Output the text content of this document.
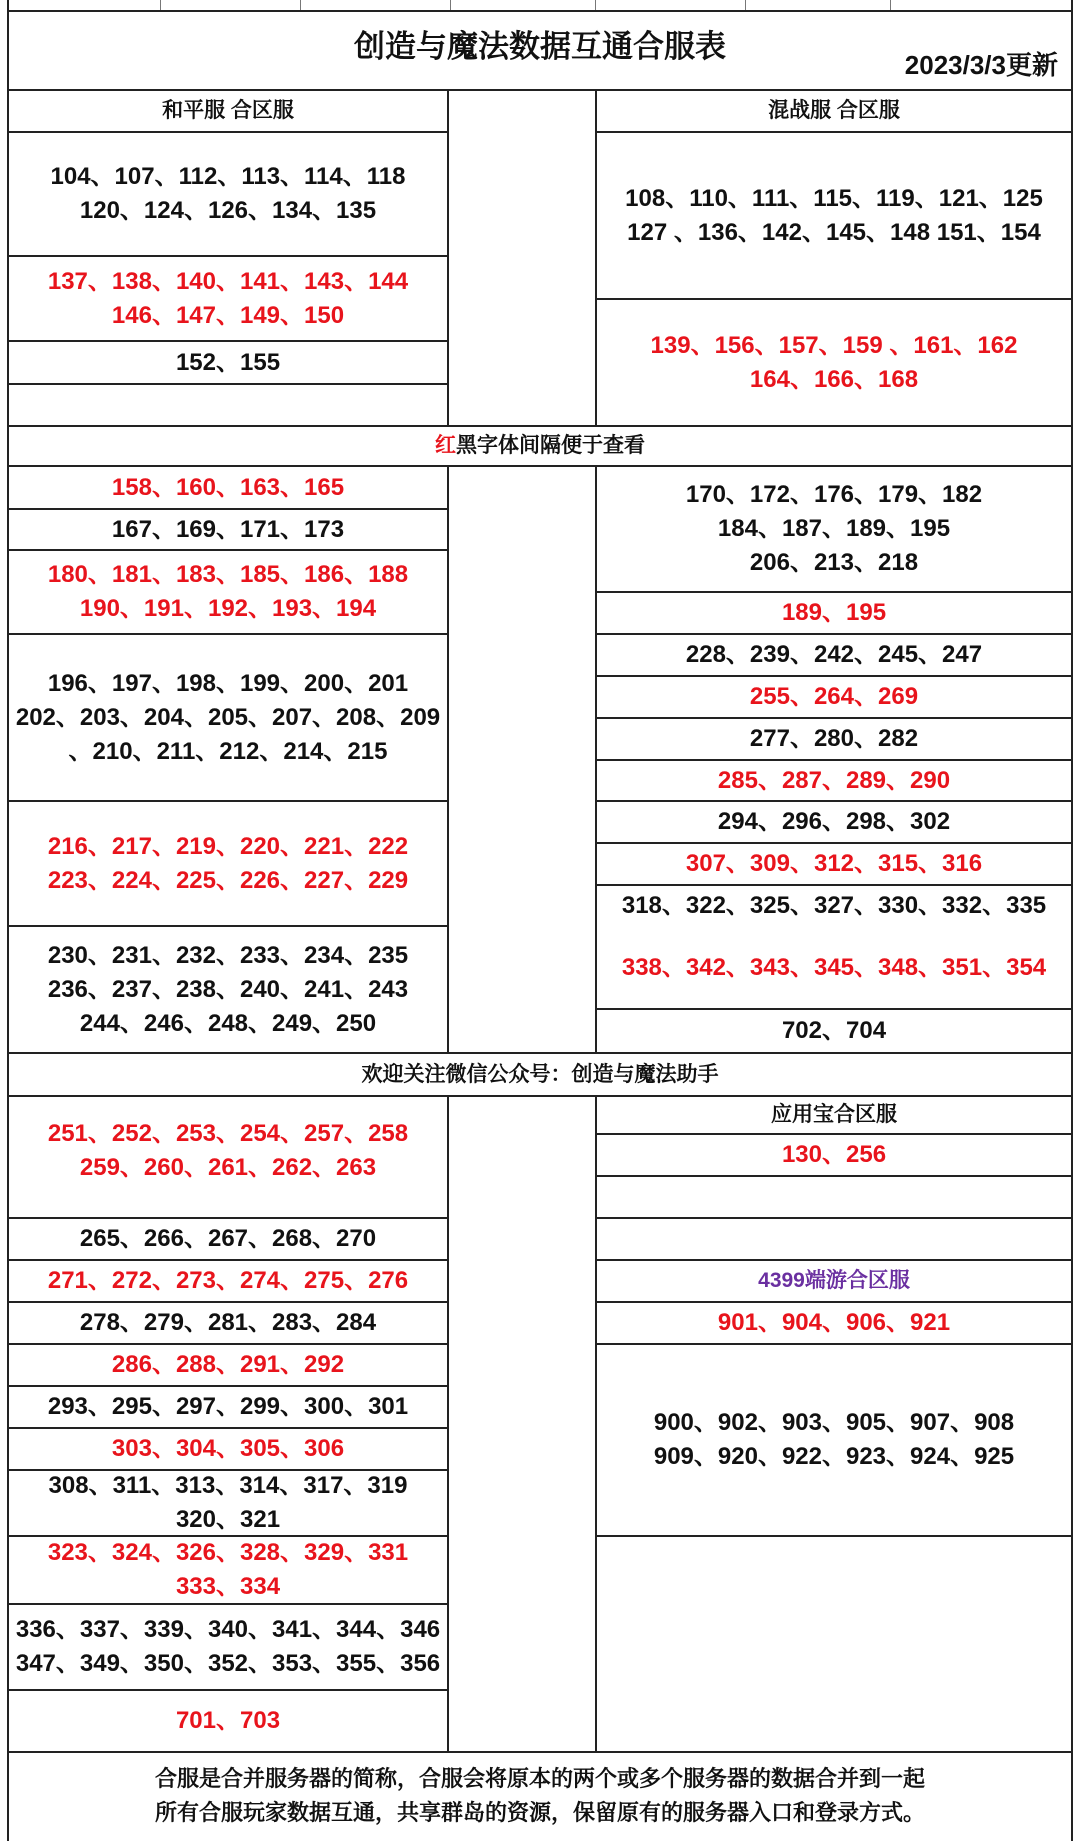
创造与魔法数据互通合服表
2023/3/3更新
和平服 合区服	混战服 合区服
104、107、112、113、114、118
120、124、126、134、135
137、138、140、141、143、144
146、147、149、150
152、155
108、110、111、115、119、121、125
127 、136、142、145、148 151、154
139、156、157、159 、161、162
164、166、168
红 黑字体间隔便于查看
158、160、163、165
167、169、171、173
180、181、183、185、186、188
190、191、192、193、194
196、197、198、199、200、201
202、203、204、205、207、208、209
、210、211、212、214、215
216、217、219、220、221、222
223、224、225、226、227、229
230、231、232、233、234、235
236、237、238、240、241、243
244、246、248、249、250
170、172、176、179、182
184、187、189、195
206、213、218
189、195
228、239、242、245、247
255、264、269
277、280、282
285、287、289、290
294、296、298、302
307、309、312、315、316
318、322、325、327、330、332、335
338、342、343、345、348、351、354
702、704
欢迎关注微信公众号：创造与魔法助手
251、252、253、254、257、258
259、260、261、262、263
265、266、267、268、270
271、272、273、274、275、276
278、279、281、283、284
286、288、291、292
293、295、297、299、300、301
303、304、305、306
308、311、313、314、317、319
320、321
323、324、326、328、329、331
333、334
336、337、339、340、341、344、346
347、349、350、352、353、355、356
701、703
应用宝合区服
130、256
4399端游合区服
901、904、906、921
900、902、903、905、907、908
909、920、922、923、924、925
合服是合并服务器的简称，合服会将原本的两个或多个服务器的数据合并到一起
所有合服玩家数据互通，共享群岛的资源，保留原有的服务器入口和登录方式。
